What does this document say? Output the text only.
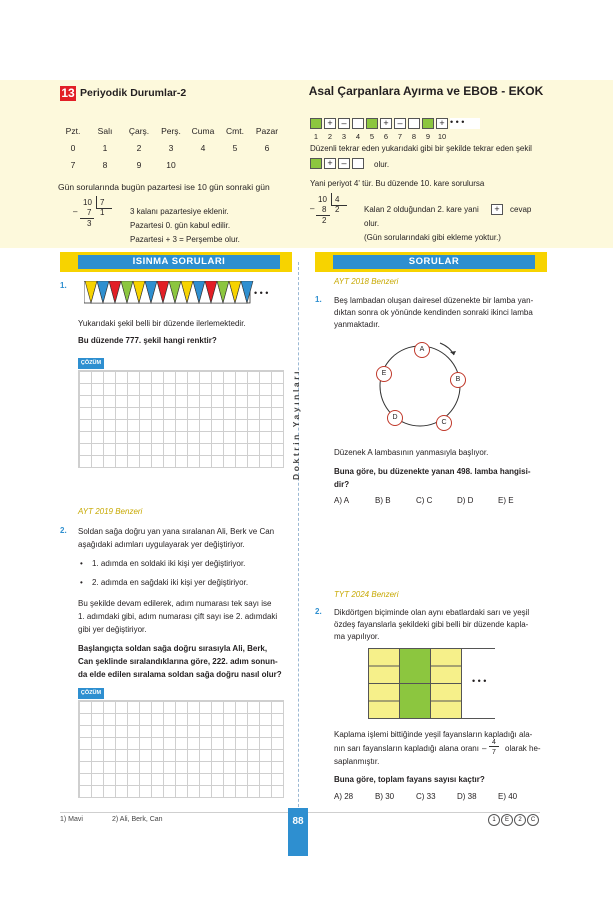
13 Periyodik Durumlar-2	Asal Çarpanlara Ayırma ve EBOB - EKOK
Pzt.	Salı	Çarş.	Perş.	Cuma	Cmt.	Pazar
0	1	2	3	4	5	6
7	8	9	10
Gün sorularında bugün pazartesi ise 10 gün sonraki gün
10 7
– 7 1
3
3 kalanı pazartesiye eklenir.
Pazartesi 0. gün kabul edilir.
Pazartesi + 3 = Perşembe olur.
+ –	+ –	+ • • •
1	2	3	4	5	6	7	8	9	10
Düzenli tekrar eden yukarıdaki gibi bir şekilde tekrar eden şekil
+ –	olur.
Yani periyot 4' tür. Bu düzende 10. kare sorulursa
10 4
– 8 2
2
Kalan 2 olduğundan 2. kare yani	+	cevap
olur.
(Gün sorularındaki gibi ekleme yoktur.)
ISINMA SORULARI	SORULAR
Doktrin Yayınları
1.
• • •
Yukarıdaki şekil belli bir düzende ilerlemektedir.
Bu düzende 777. şekil hangi renktir?
ÇÖZÜM
AYT 2019 Benzeri
2. Soldan sağa doğru yan yana sıralanan Ali, Berk ve Can
aşağıdaki adımları uygulayarak yer değiştiriyor.
• 1. adımda en soldaki iki kişi yer değiştiriyor.
• 2. adımda en sağdaki iki kişi yer değiştiriyor.
Bu şekilde devam edilerek, adım numarası tek sayı ise
1. adımdaki gibi, adım numarası çift sayı ise 2. adımdaki
gibi yer değiştiriyor.
Başlangıçta soldan sağa doğru sırasıyla Ali, Berk,
Can şeklinde sıralandıklarına göre, 222. adım sonun-
da elde edilen sıralama soldan sağa doğru nasıl olur?
ÇÖZÜM
AYT 2018 Benzeri
1. Beş lambadan oluşan dairesel düzenekte bir lamba yan-
dıktan sonra ok yönünde kendinden sonraki ikinci lamba
yanmaktadır.
A
B
C
D
E
Düzenek A lambasının yanmasıyla başlıyor.
Buna göre, bu düzenekte yanan 498. lamba hangisi-
dir?
A) A	B) B	C) C	D) D	E) E
TYT 2024 Benzeri
2. Dikdörtgen biçiminde olan aynı ebatlardaki sarı ve yeşil
özdeş fayanslarla şekildeki gibi belli bir düzende kapla-
ma yapılıyor.
• • •
Kaplama işlemi bittiğinde yeşil fayansların kapladığı ala-
nın sarı fayansların kapladığı alana oranı
4
7
– olarak he-
saplanmıştır.
Buna göre, toplam fayans sayısı kaçtır?
A) 28	B) 30	C) 33	D) 38	E) 40
1) Mavi	2) Ali, Berk, Can	88	1	E	2	C
